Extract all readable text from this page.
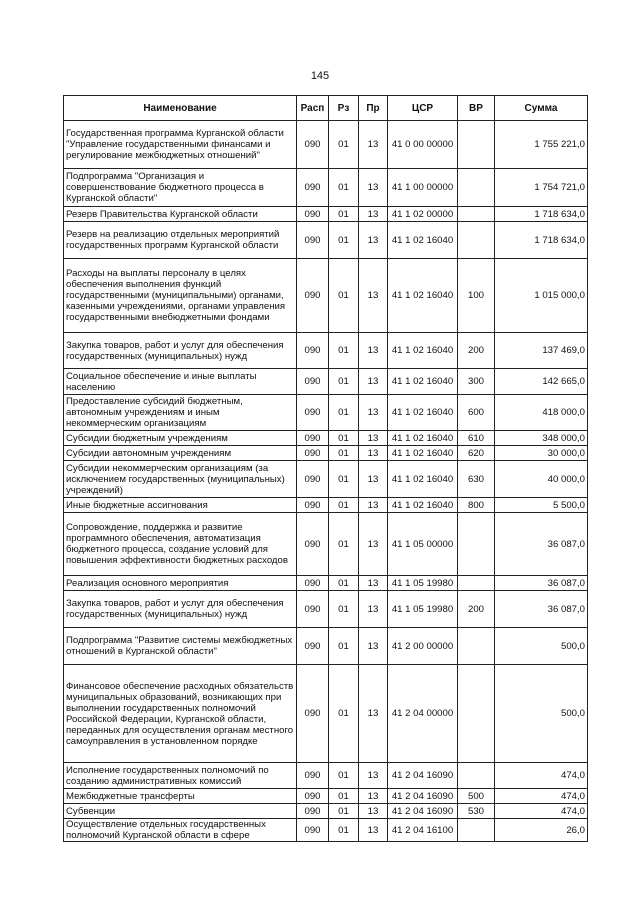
145
Наименование	Расп	Рз	Пр	ЦСР	ВР	Сумма
Государственная программа Курганской области "Управление государственными финансами и регулирование межбюджетных отношений"	090	01	13	41 0 00 00000		1 755 221,0
Подпрограмма "Организация и совершенствование бюджетного процесса в Курганской области"	090	01	13	41 1 00 00000		1 754 721,0
Резерв Правительства Курганской области	090	01	13	41 1 02 00000		1 718 634,0
Резерв на реализацию отдельных мероприятий государственных программ Курганской области	090	01	13	41 1 02 16040		1 718 634,0
Расходы на выплаты персоналу в целях обеспечения выполнения функций государственными (муниципальными) органами, казенными учреждениями, органами управления государственными внебюджетными фондами	090	01	13	41 1 02 16040	100	1 015 000,0
Закупка товаров, работ и услуг для обеспечения государственных (муниципальных) нужд	090	01	13	41 1 02 16040	200	137 469,0
Социальное обеспечение и иные выплаты населению	090	01	13	41 1 02 16040	300	142 665,0
Предоставление субсидий бюджетным, автономным учреждениям и иным некоммерческим организациям	090	01	13	41 1 02 16040	600	418 000,0
Субсидии бюджетным учреждениям	090	01	13	41 1 02 16040	610	348 000,0
Субсидии автономным учреждениям	090	01	13	41 1 02 16040	620	30 000,0
Субсидии некоммерческим организациям (за исключением государственных (муниципальных) учреждений)	090	01	13	41 1 02 16040	630	40 000,0
Иные бюджетные ассигнования	090	01	13	41 1 02 16040	800	5 500,0
Сопровождение, поддержка и развитие программного обеспечения, автоматизация бюджетного процесса, создание условий для повышения эффективности бюджетных расходов	090	01	13	41 1 05 00000		36 087,0
Реализация основного мероприятия	090	01	13	41 1 05 19980		36 087,0
Закупка товаров, работ и услуг для обеспечения государственных (муниципальных) нужд	090	01	13	41 1 05 19980	200	36 087,0
Подпрограмма "Развитие системы межбюджетных отношений в Курганской области"	090	01	13	41 2 00 00000		500,0
Финансовое обеспечение расходных обязательств муниципальных образований, возникающих при выполнении государственных полномочий Российской Федерации, Курганской области, переданных для осуществления органам местного самоуправления в установленном порядке	090	01	13	41 2 04 00000		500,0
Исполнение государственных полномочий по созданию административных комиссий	090	01	13	41 2 04 16090		474,0
Межбюджетные трансферты	090	01	13	41 2 04 16090	500	474,0
Субвенции	090	01	13	41 2 04 16090	530	474,0
Осуществление отдельных государственных полномочий Курганской области в сфере	090	01	13	41 2 04 16100		26,0
